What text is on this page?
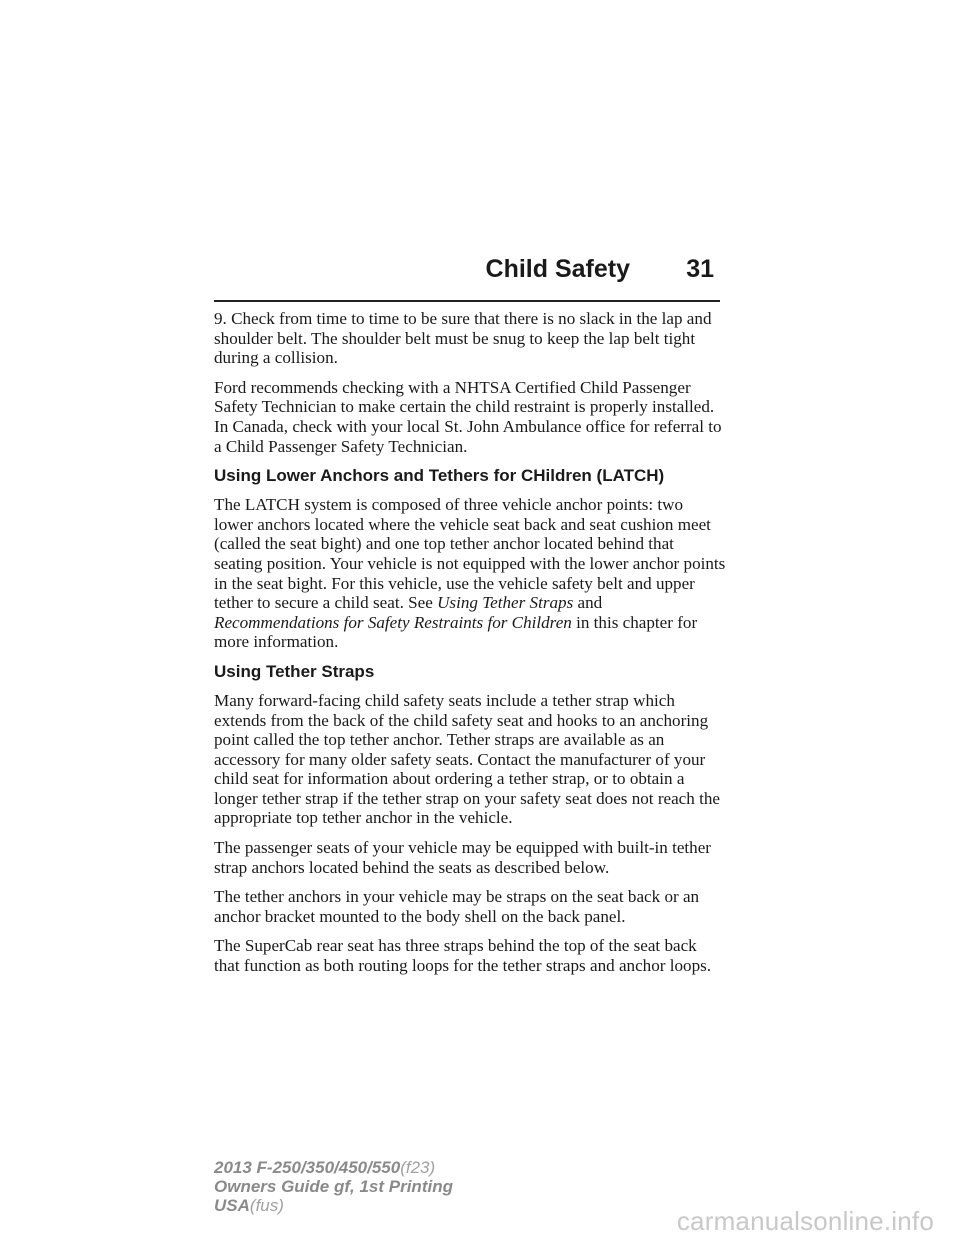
Child Safety 31

9. Check from time to time to be sure that there is no slack in the lap and shoulder belt. The shoulder belt must be snug to keep the lap belt tight during a collision.

Ford recommends checking with a NHTSA Certified Child Passenger Safety Technician to make certain the child restraint is properly installed. In Canada, check with your local St. John Ambulance office for referral to a Child Passenger Safety Technician.

Using Lower Anchors and Tethers for CHildren (LATCH)

The LATCH system is composed of three vehicle anchor points: two lower anchors located where the vehicle seat back and seat cushion meet (called the seat bight) and one top tether anchor located behind that seating position. Your vehicle is not equipped with the lower anchor points in the seat bight. For this vehicle, use the vehicle safety belt and upper tether to secure a child seat. See Using Tether Straps and Recommendations for Safety Restraints for Children in this chapter for more information.

Using Tether Straps

Many forward-facing child safety seats include a tether strap which extends from the back of the child safety seat and hooks to an anchoring point called the top tether anchor. Tether straps are available as an accessory for many older safety seats. Contact the manufacturer of your child seat for information about ordering a tether strap, or to obtain a longer tether strap if the tether strap on your safety seat does not reach the appropriate top tether anchor in the vehicle.

The passenger seats of your vehicle may be equipped with built-in tether strap anchors located behind the seats as described below.

The tether anchors in your vehicle may be straps on the seat back or an anchor bracket mounted to the body shell on the back panel.

The SuperCab rear seat has three straps behind the top of the seat back that function as both routing loops for the tether straps and anchor loops.

2013 F-250/350/450/550(f23)
Owners Guide gf, 1st Printing
USA(fus)
carmanualsonline.info
